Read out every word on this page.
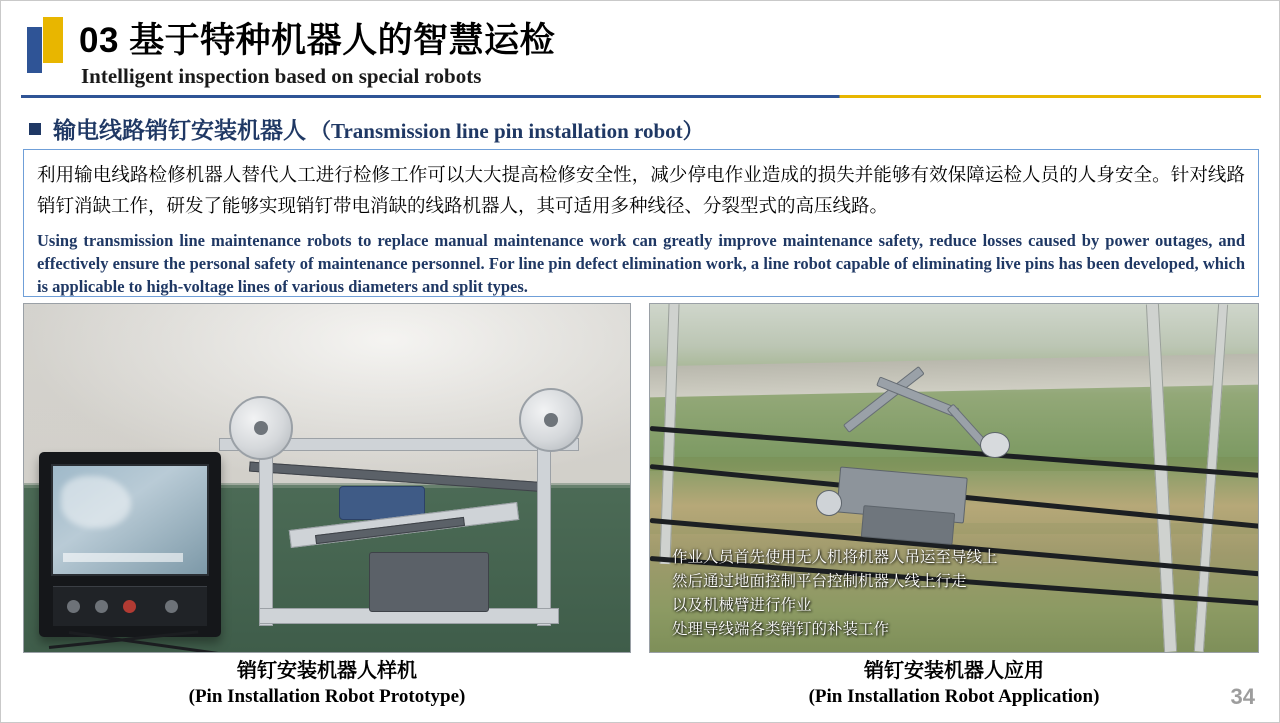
03 基于特种机器人的智慧运检
Intelligent inspection based on special robots
输电线路销钉安装机器人 （Transmission line pin installation robot）
利用输电线路检修机器人替代人工进行检修工作可以大大提高检修安全性，减少停电作业造成的损失并能够有效保障运检人员的人身安全。针对线路销钉消缺工作，研发了能够实现销钉带电消缺的线路机器人，其可适用多种线径、分裂型式的高压线路。
Using transmission line maintenance robots to replace manual maintenance work can greatly improve maintenance safety, reduce losses caused by power outages, and effectively ensure the personal safety of maintenance personnel. For line pin defect elimination work, a line robot capable of eliminating live pins has been developed, which is applicable to high-voltage lines of various diameters and split types.
作业人员首先使用无人机将机器人吊运至导线上
然后通过地面控制平台控制机器人线上行走
以及机械臂进行作业
处理导线端各类销钉的补装工作
销钉安装机器人样机
(Pin Installation Robot Prototype)
销钉安装机器人应用
(Pin Installation Robot Application)	34
